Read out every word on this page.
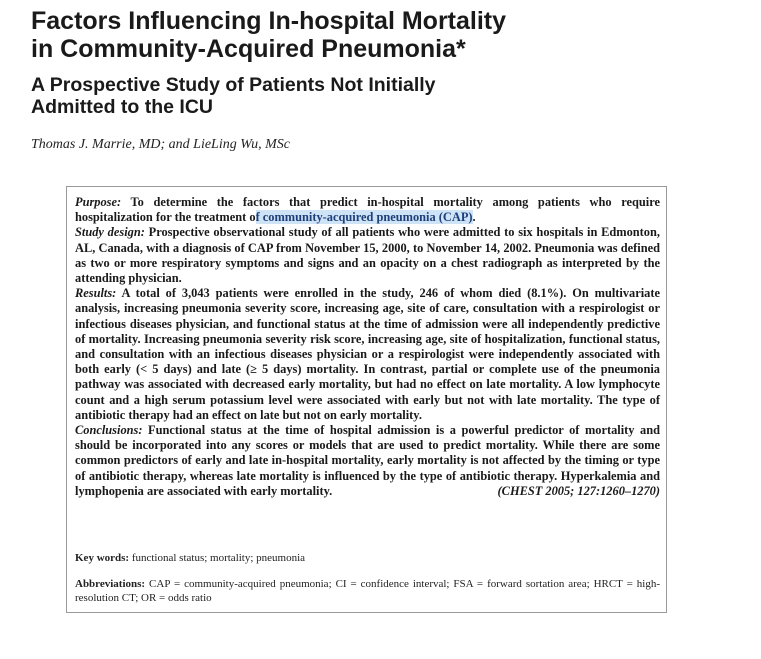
Factors Influencing In-hospital Mortality
in Community-Acquired Pneumonia*
A Prospective Study of Patients Not Initially
Admitted to the ICU
Thomas J. Marrie, MD; and LieLing Wu, MSc

Purpose: To determine the factors that predict in-hospital mortality among patients who require hospitalization for the treatment of community-acquired pneumonia (CAP).
Study design: Prospective observational study of all patients who were admitted to six hospitals in Edmonton, AL, Canada, with a diagnosis of CAP from November 15, 2000, to November 14, 2002. Pneumonia was defined as two or more respiratory symptoms and signs and an opacity on a chest radiograph as interpreted by the attending physician.
Results: A total of 3,043 patients were enrolled in the study, 246 of whom died (8.1%). On multivariate analysis, increasing pneumonia severity score, increasing age, site of care, consultation with a respirologist or infectious diseases physician, and functional status at the time of admission were all independently predictive of mortality. Increasing pneumonia severity risk score, increasing age, site of hospitalization, functional status, and consultation with an infectious diseases physician or a respirologist were independently associated with both early (< 5 days) and late (≥ 5 days) mortality. In contrast, partial or complete use of the pneumonia pathway was associated with decreased early mortality, but had no effect on late mortality. A low lymphocyte count and a high serum potassium level were associated with early but not with late mortality. The type of antibiotic therapy had an effect on late but not on early mortality.
Conclusions: Functional status at the time of hospital admission is a powerful predictor of mortality and should be incorporated into any scores or models that are used to predict mortality. While there are some common predictors of early and late in-hospital mortality, early mortality is not affected by the timing or type of antibiotic therapy, whereas late mortality is influenced by the type of antibiotic therapy. Hyperkalemia and lymphopenia are associated with early mortality.	(CHEST 2005; 127:1260–1270)

Key words: functional status; mortality; pneumonia
Abbreviations: CAP = community-acquired pneumonia; CI = confidence interval; FSA = forward sortation area; HRCT = high-resolution CT; OR = odds ratio
